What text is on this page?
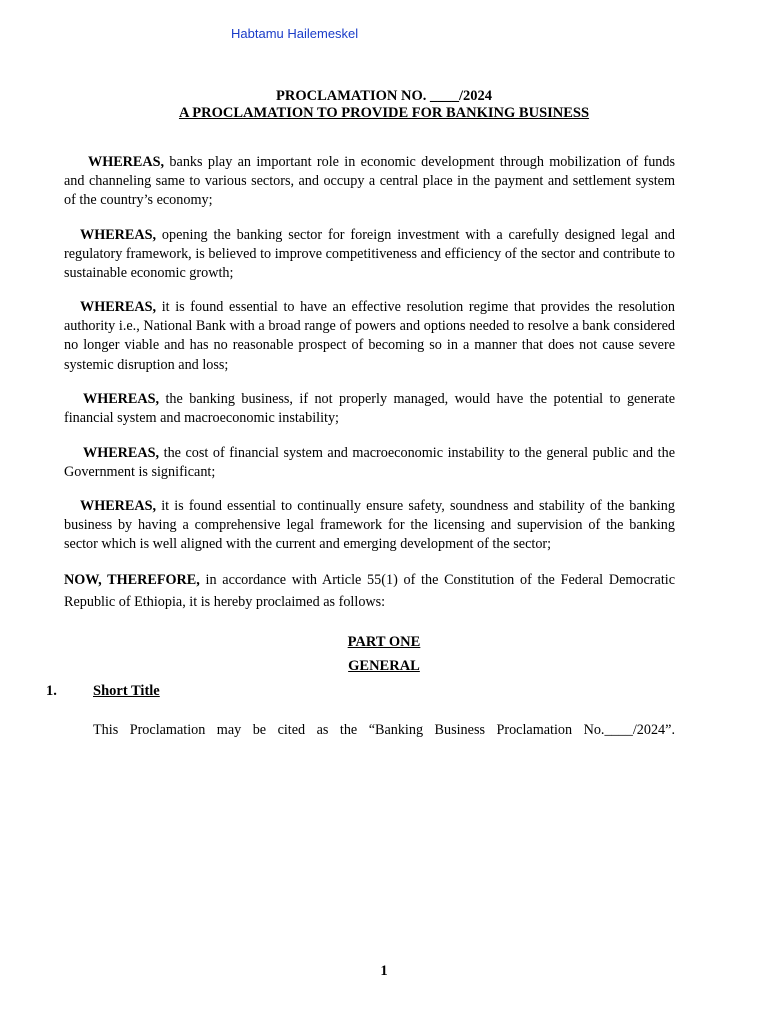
Habtamu Hailemeskel
PROCLAMATION NO. ____/2024
A PROCLAMATION TO PROVIDE FOR BANKING BUSINESS

WHEREAS, banks play an important role in economic development through mobilization of funds and channeling same to various sectors, and occupy a central place in the payment and settlement system of the country’s economy;

WHEREAS, opening the banking sector for foreign investment with a carefully designed legal and regulatory framework, is believed to improve competitiveness and efficiency of the sector and contribute to sustainable economic growth;

WHEREAS, it is found essential to have an effective resolution regime that provides the resolution authority i.e., National Bank with a broad range of powers and options needed to resolve a bank considered no longer viable and has no reasonable prospect of becoming so in a manner that does not cause severe systemic disruption and loss;

WHEREAS, the banking business, if not properly managed, would have the potential to generate financial system and macroeconomic instability;

WHEREAS, the cost of financial system and macroeconomic instability to the general public and the Government is significant;

WHEREAS, it is found essential to continually ensure safety, soundness and stability of the banking business by having a comprehensive legal framework for the licensing and supervision of the banking sector which is well aligned with the current and emerging development of the sector;

NOW, THEREFORE, in accordance with Article 55(1) of the Constitution of the Federal Democratic Republic of Ethiopia, it is hereby proclaimed as follows:

PART ONE
GENERAL
1. Short Title
This Proclamation may be cited as the “Banking Business Proclamation No.____/2024”.
1
